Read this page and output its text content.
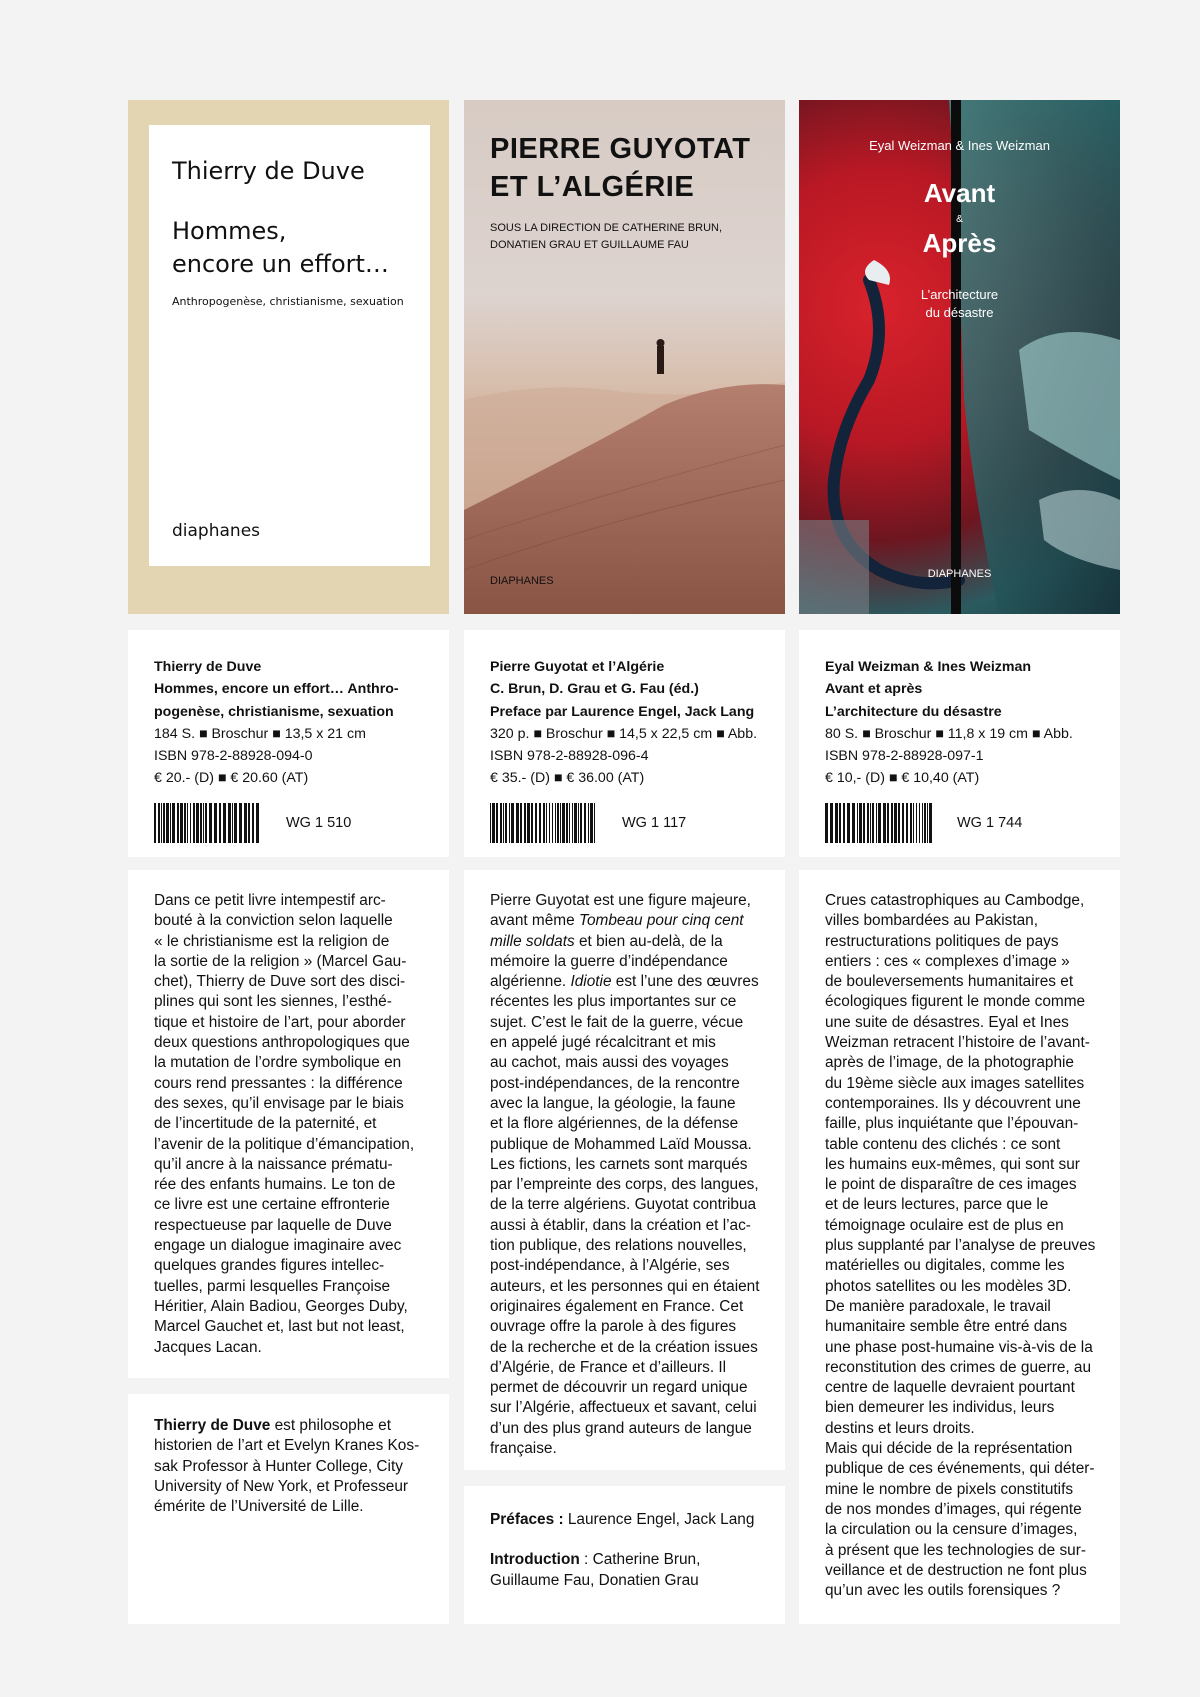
Thierry de Duve
Hommes,
encore un effort…
Anthropogenèse, christianisme, sexuation
diaphanes
Thierry de Duve
Hommes, encore un effort… Anthro-
pogenèse, christianisme, sexuation
184 S. ■ Broschur ■ 13,5 x 21 cm
ISBN 978-2-88928-094-0
€ 20.- (D) ■ € 20.60 (AT)
WG 1 510
Dans ce petit livre intempestif arc-
bouté à la conviction selon laquelle
« le christianisme est la religion de
la sortie de la religion » (Marcel Gau-
chet), Thierry de Duve sort des disci-
plines qui sont les siennes, l’esthé-
tique et histoire de l’art, pour aborder
deux questions anthropologiques que
la mutation de l’ordre symbolique en
cours rend pressantes : la différence
des sexes, qu’il envisage par le biais
de l’incertitude de la paternité, et
l’avenir de la politique d’émancipation,
qu’il ancre à la naissance prématu-
rée des enfants humains. Le ton de
ce livre est une certaine effronterie
respectueuse par laquelle de Duve
engage un dialogue imaginaire avec
quelques grandes figures intellec-
tuelles, parmi lesquelles Françoise
Héritier, Alain Badiou, Georges Duby,
Marcel Gauchet et, last but not least,
Jacques Lacan.
Thierry de Duve est philosophe et
historien de l’art et Evelyn Kranes Kos-
sak Professor à Hunter College, City
University of New York, et Professeur
émérite de l’Université de Lille.
PIERRE GUYOTAT
ET L’ALGÉRIE
SOUS LA DIRECTION DE CATHERINE BRUN,
DONATIEN GRAU ET GUILLAUME FAU
DIAPHANES
Pierre Guyotat et l’Algérie
C. Brun, D. Grau et G. Fau (éd.)
Preface par Laurence Engel, Jack Lang
320 p. ■ Broschur ■ 14,5 x 22,5 cm ■ Abb.
ISBN 978-2-88928-096-4
€ 35.- (D) ■ € 36.00 (AT)
WG 1 117
Pierre Guyotat est une figure majeure,
avant même Tombeau pour cinq cent
mille soldats et bien au-delà, de la
mémoire la guerre d’indépendance
algérienne. Idiotie est l’une des œuvres
récentes les plus importantes sur ce
sujet. C’est le fait de la guerre, vécue
en appelé jugé récalcitrant et mis
au cachot, mais aussi des voyages
post-indépendances, de la rencontre
avec la langue, la géologie, la faune
et la flore algériennes, de la défense
publique de Mohammed Laïd Moussa.
Les fictions, les carnets sont marqués
par l’empreinte des corps, des langues,
de la terre algériens. Guyotat contribua
aussi à établir, dans la création et l’ac-
tion publique, des relations nouvelles,
post-indépendance, à l’Algérie, ses
auteurs, et les personnes qui en étaient
originaires également en France. Cet
ouvrage offre la parole à des figures
de la recherche et de la création issues
d’Algérie, de France et d’ailleurs. Il
permet de découvrir un regard unique
sur l’Algérie, affectueux et savant, celui
d’un des plus grand auteurs de langue
française.
Préfaces : Laurence Engel, Jack Lang
Introduction : Catherine Brun,
Guillaume Fau, Donatien Grau
Eyal Weizman & Ines Weizman
Avant
&
Après
L’architecture
du désastre
DIAPHANES
Eyal Weizman & Ines Weizman
Avant et après
L’architecture du désastre
80 S. ■ Broschur ■ 11,8 x 19 cm ■ Abb.
ISBN 978-2-88928-097-1
€ 10,- (D) ■ € 10,40 (AT)
WG 1 744
Crues catastrophiques au Cambodge,
villes bombardées au Pakistan,
restructurations politiques de pays
entiers : ces « complexes d’image »
de bouleversements humanitaires et
écologiques figurent le monde comme
une suite de désastres. Eyal et Ines
Weizman retracent l’histoire de l’avant-
après de l’image, de la photographie
du 19ème siècle aux images satellites
contemporaines. Ils y découvrent une
faille, plus inquiétante que l’épouvan-
table contenu des clichés : ce sont
les humains eux-mêmes, qui sont sur
le point de disparaître de ces images
et de leurs lectures, parce que le
témoignage oculaire est de plus en
plus supplanté par l’analyse de preuves
matérielles ou digitales, comme les
photos satellites ou les modèles 3D.
De manière paradoxale, le travail
humanitaire semble être entré dans
une phase post-humaine vis-à-vis de la
reconstitution des crimes de guerre, au
centre de laquelle devraient pourtant
bien demeurer les individus, leurs
destins et leurs droits.
Mais qui décide de la représentation
publique de ces événements, qui déter-
mine le nombre de pixels constitutifs
de nos mondes d’images, qui régente
la circulation ou la censure d’images,
à présent que les technologies de sur-
veillance et de destruction ne font plus
qu’un avec les outils forensiques ?
